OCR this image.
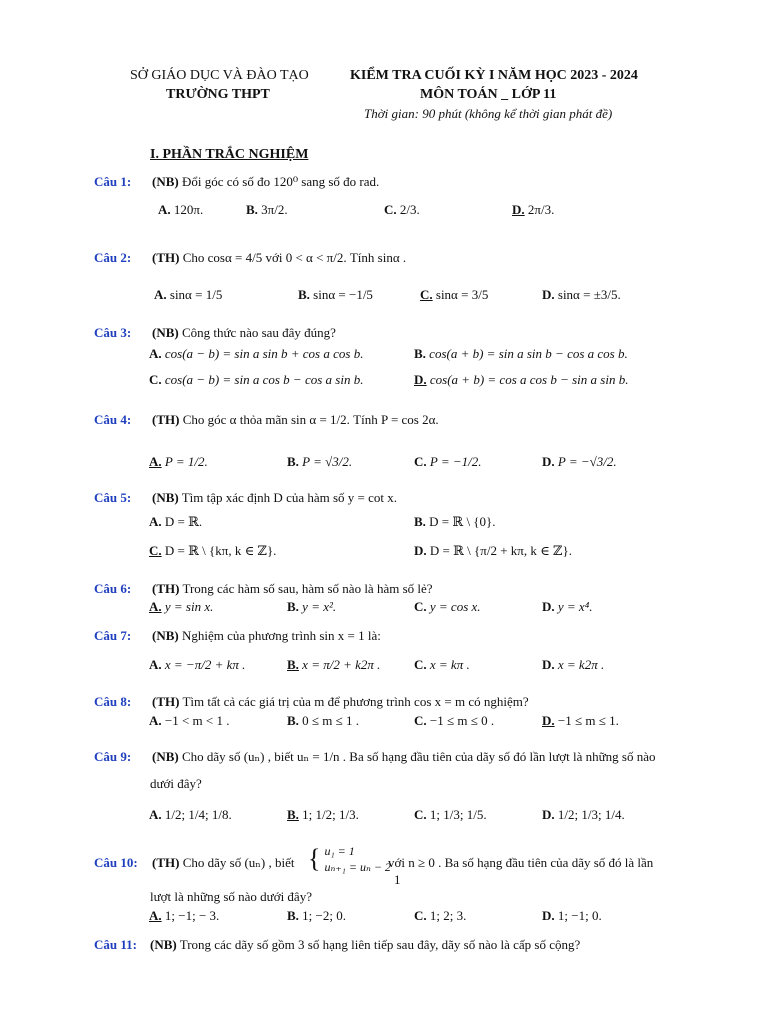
SỞ GIÁO DỤC VÀ ĐÀO TẠO
TRƯỜNG THPT
KIỂM TRA CUỐI KỲ I NĂM HỌC 2023 - 2024
MÔN TOÁN _ LỚP 11
Thời gian: 90 phút (không kể thời gian phát đề)
I. PHẦN TRẮC NGHIỆM
Câu 1: (NB) Đổi góc có số đo 120⁰ sang số đo rad.
A. 120π.	B. 3π/2.	C. 2/3.	D. 2π/3.
Câu 2: (TH) Cho cosα = 4/5 với 0 < α < π/2. Tính sinα .
A. sinα = 1/5	B. sinα = −1/5	C. sinα = 3/5	D. sinα = ±3/5.
Câu 3: (NB) Công thức nào sau đây đúng?
A. cos(a − b) = sin a sin b + cos a cos b.	B. cos(a + b) = sin a sin b − cos a cos b.
C. cos(a − b) = sin a cos b − cos a sin b.	D. cos(a + b) = cos a cos b − sin a sin b.
Câu 4: (TH) Cho góc α thỏa mãn sin α = 1/2. Tính P = cos 2α.
A. P = 1/2.	B. P = √3/2.	C. P = −1/2.	D. P = −√3/2.
Câu 5: (NB) Tìm tập xác định D của hàm số y = cot x.
A. D = ℝ.	B. D = ℝ \ {0}.
C. D = ℝ \ {kπ, k ∈ ℤ}.	D. D = ℝ \ {π/2 + kπ, k ∈ ℤ}.
Câu 6: (TH) Trong các hàm số sau, hàm số nào là hàm số lẻ?
A. y = sin x.	B. y = x².	C. y = cos x.	D. y = x⁴.
Câu 7: (NB) Nghiệm của phương trình sin x = 1 là:
A. x = −π/2 + kπ .	B. x = π/2 + k2π .	C. x = kπ .	D. x = k2π .
Câu 8: (TH) Tìm tất cả các giá trị của m để phương trình cos x = m có nghiệm?
A. −1 < m < 1 .	B. 0 ≤ m ≤ 1 .	C. −1 ≤ m ≤ 0 .	D. −1 ≤ m ≤ 1.
Câu 9: (NB) Cho dãy số (uₙ) , biết uₙ = 1/n . Ba số hạng đầu tiên của dãy số đó lần lượt là những số nào
dưới đây?
A. 1/2; 1/4; 1/8.	B. 1; 1/2; 1/3.	C. 1; 1/3; 1/5.	D. 1/2; 1/3; 1/4.
Câu 10: (TH) Cho dãy số (uₙ) , biết { u₁ = 1
uₙ₊₁ = uₙ − 2
với n ≥ 0 . Ba số hạng đầu tiên của dãy số đó là lần
1
lượt là những số nào dưới đây?
A. 1; −1; − 3.	B. 1; −2; 0.	C. 1; 2; 3.	D. 1; −1; 0.
Câu 11: (NB) Trong các dãy số gồm 3 số hạng liên tiếp sau đây, dãy số nào là cấp số cộng?
